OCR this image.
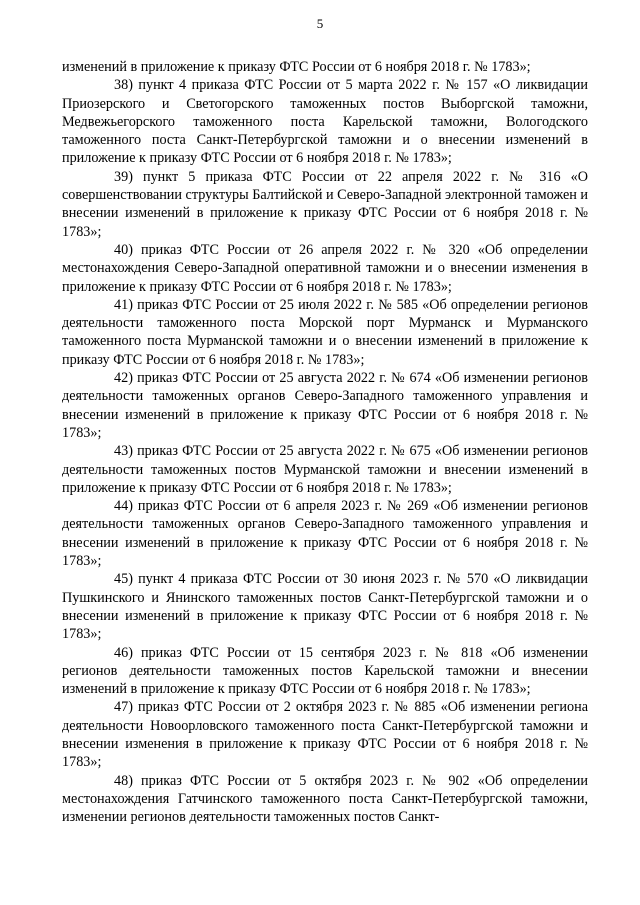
5

изменений в приложение к приказу ФТС России от 6 ноября 2018 г. № 1783»;

38) пункт 4 приказа ФТС России от 5 марта 2022 г. № 157 «О ликвидации Приозерского и Светогорского таможенных постов Выборгской таможни, Медвежьегорского таможенного поста Карельской таможни, Вологодского таможенного поста Санкт-Петербургской таможни и о внесении изменений в приложение к приказу ФТС России от 6 ноября 2018 г. № 1783»;

39) пункт 5 приказа ФТС России от 22 апреля 2022 г. № 316 «О совершенствовании структуры Балтийской и Северо-Западной электронной таможен и внесении изменений в приложение к приказу ФТС России от 6 ноября 2018 г. № 1783»;

40) приказ ФТС России от 26 апреля 2022 г. № 320 «Об определении местонахождения Северо-Западной оперативной таможни и о внесении изменения в приложение к приказу ФТС России от 6 ноября 2018 г. № 1783»;

41) приказ ФТС России от 25 июля 2022 г. № 585 «Об определении регионов деятельности таможенного поста Морской порт Мурманск и Мурманского таможенного поста Мурманской таможни и о внесении изменений в приложение к приказу ФТС России от 6 ноября 2018 г. № 1783»;

42) приказ ФТС России от 25 августа 2022 г. № 674 «Об изменении регионов деятельности таможенных органов Северо-Западного таможенного управления и внесении изменений в приложение к приказу ФТС России от 6 ноября 2018 г. № 1783»;

43) приказ ФТС России от 25 августа 2022 г. № 675 «Об изменении регионов деятельности таможенных постов Мурманской таможни и внесении изменений в приложение к приказу ФТС России от 6 ноября 2018 г. № 1783»;

44) приказ ФТС России от 6 апреля 2023 г. № 269 «Об изменении регионов деятельности таможенных органов Северо-Западного таможенного управления и внесении изменений в приложение к приказу ФТС России от 6 ноября 2018 г. № 1783»;

45) пункт 4 приказа ФТС России от 30 июня 2023 г. № 570 «О ликвидации Пушкинского и Янинского таможенных постов Санкт-Петербургской таможни и о внесении изменений в приложение к приказу ФТС России от 6 ноября 2018 г. № 1783»;

46) приказ ФТС России от 15 сентября 2023 г. № 818 «Об изменении регионов деятельности таможенных постов Карельской таможни и внесении изменений в приложение к приказу ФТС России от 6 ноября 2018 г. № 1783»;

47) приказ ФТС России от 2 октября 2023 г. № 885 «Об изменении региона деятельности Новоорловского таможенного поста Санкт-Петербургской таможни и внесении изменения в приложение к приказу ФТС России от 6 ноября 2018 г. № 1783»;

48) приказ ФТС России от 5 октября 2023 г. № 902 «Об определении местонахождения Гатчинского таможенного поста Санкт-Петербургской таможни, изменении регионов деятельности таможенных постов Санкт-
